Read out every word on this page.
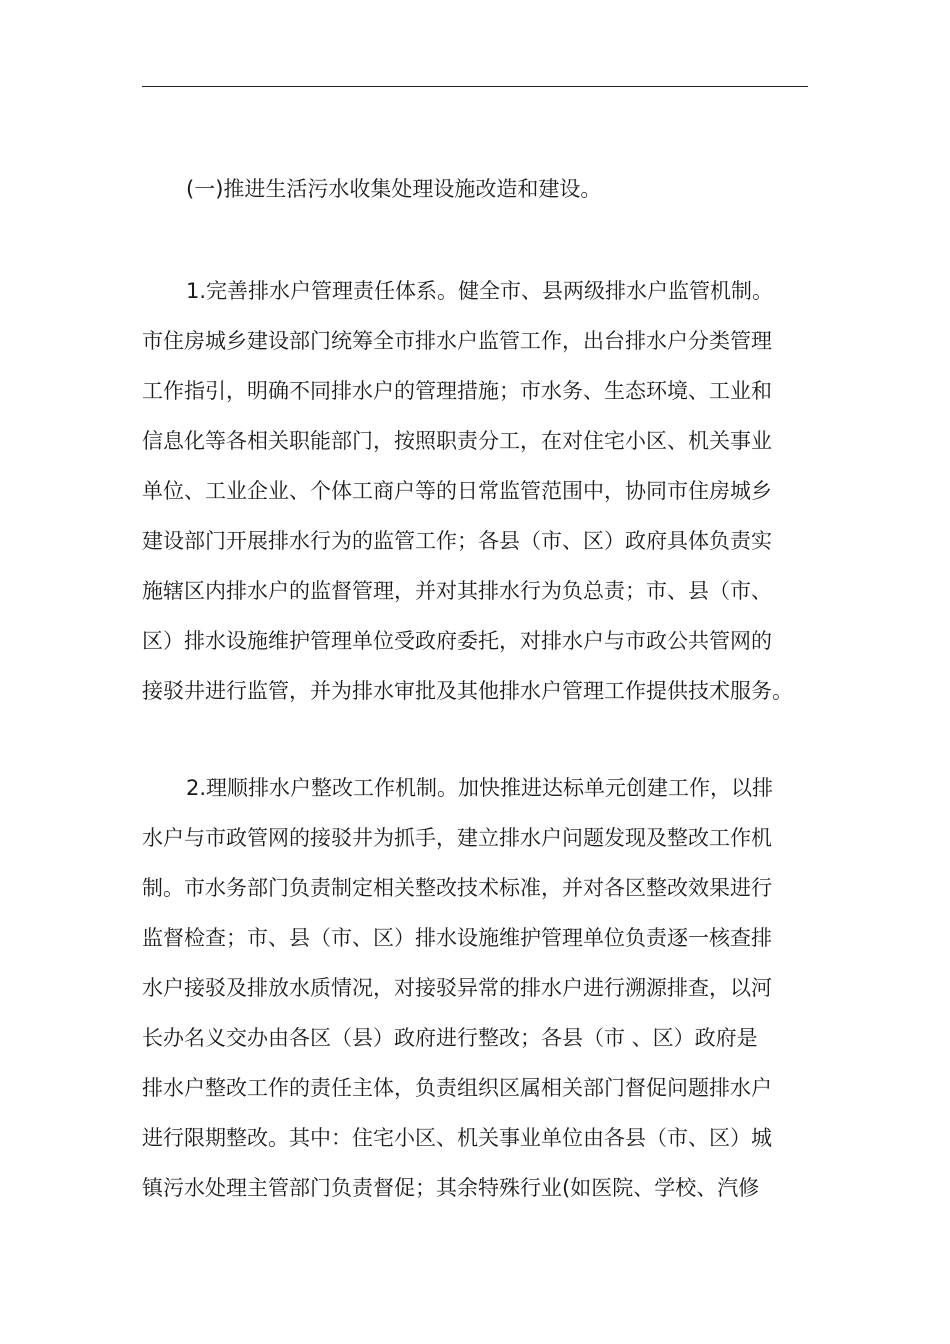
(一)推进生活污水收集处理设施改造和建设。
1.完善排水户管理责任体系。健全市、县两级排水户监管机制。
市住房城乡建设部门统筹全市排水户监管工作，出台排水户分类管理
工作指引，明确不同排水户的管理措施；市水务、生态环境、工业和
信息化等各相关职能部门，按照职责分工，在对住宅小区、机关事业
单位、工业企业、个体工商户等的日常监管范围中，协同市住房城乡
建设部门开展排水行为的监管工作；各县（市、区）政府具体负责实
施辖区内排水户的监督管理，并对其排水行为负总责；市、县（市、
区）排水设施维护管理单位受政府委托，对排水户与市政公共管网的
接驳井进行监管，并为排水审批及其他排水户管理工作提供技术服务。
2.理顺排水户整改工作机制。加快推进达标单元创建工作，以排
水户与市政管网的接驳井为抓手，建立排水户问题发现及整改工作机
制。市水务部门负责制定相关整改技术标准，并对各区整改效果进行
监督检查；市、县（市、区）排水设施维护管理单位负责逐一核查排
水户接驳及排放水质情况，对接驳异常的排水户进行溯源排查，以河
长办名义交办由各区（县）政府进行整改；各县（市 、区）政府是
排水户整改工作的责任主体，负责组织区属相关部门督促问题排水户
进行限期整改。其中：住宅小区、机关事业单位由各县（市、区）城
镇污水处理主管部门负责督促；其余特殊行业(如医院、学校、汽修
